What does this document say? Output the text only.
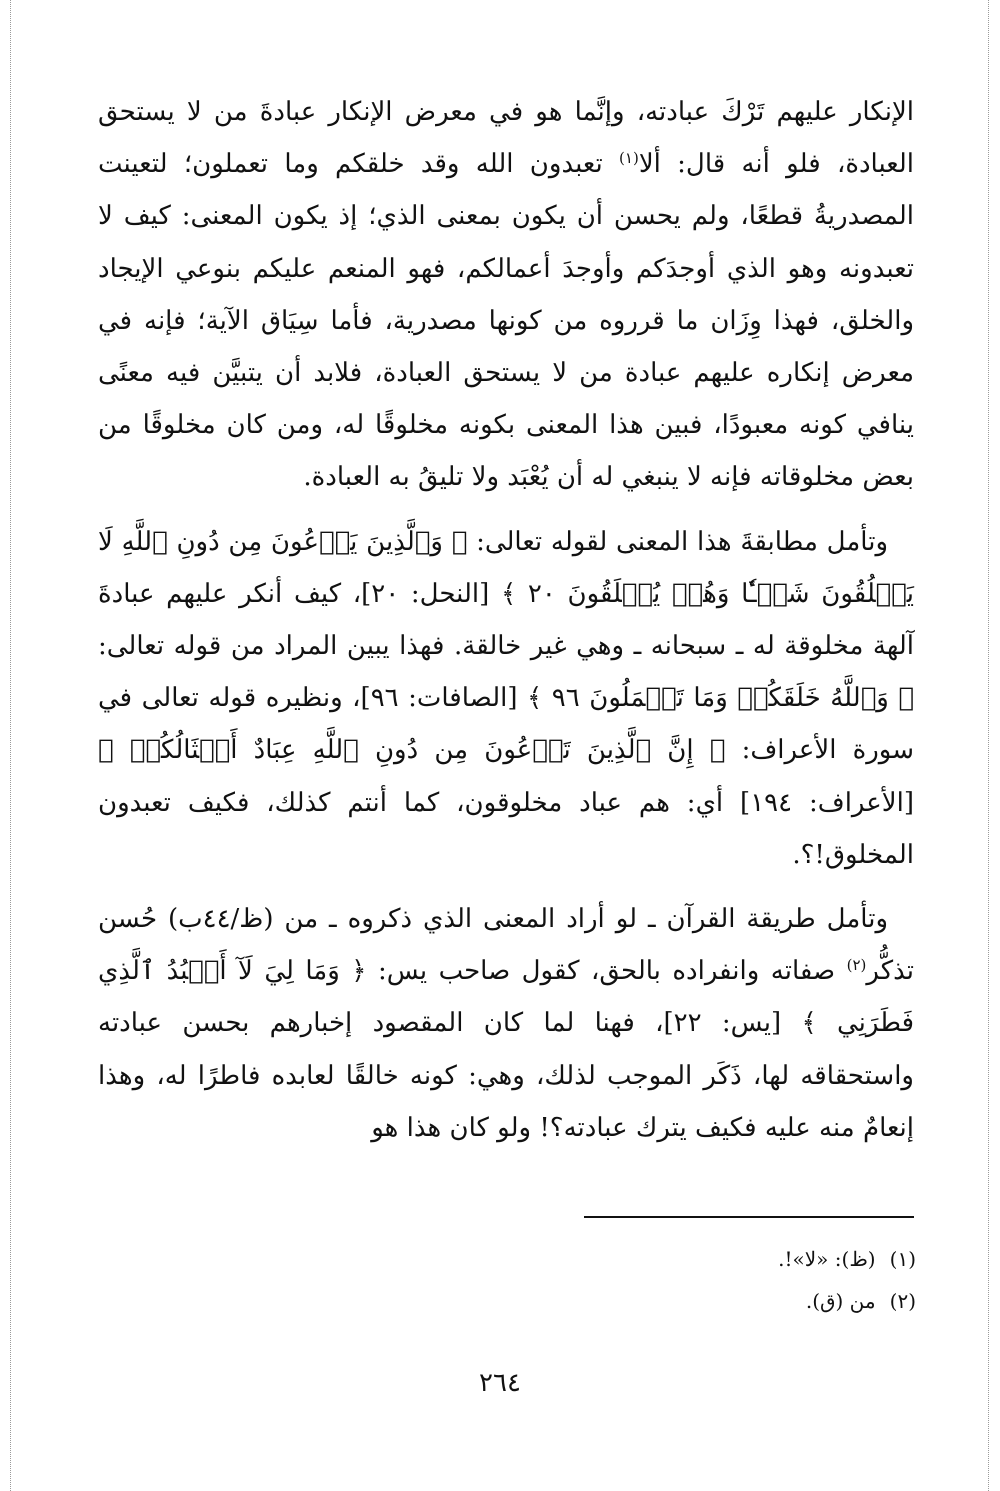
الإنكار عليهم تَرْكَ عبادته، وإنَّما هو في معرض الإنكار عبادةَ من لا يستحق العبادة، فلو أنه قال: ألا$^{(١)}$ تعبدون الله وقد خلقكم وما تعملون؛ لتعينت المصدريةُ قطعًا، ولم يحسن أن يكون بمعنى الذي؛ إذ يكون المعنى: كيف لا تعبدونه وهو الذي أوجدَكم وأوجدَ أعمالكم، فهو المنعم عليكم بنوعي الإيجاد والخلق، فهذا وِزَان ما قرروه من كونها مصدرية، فأما سِيَاق الآية؛ فإنه في معرض إنكاره عليهم عبادة من لا يستحق العبادة، فلابد أن يتبيَّن فيه معنًى ينافي كونه معبودًا، فبين هذا المعنى بكونه مخلوقًا له، ومن كان مخلوقًا من بعض مخلوقاته فإنه لا ينبغي له أن يُعْبَد ولا تليقُ به العبادة.

وتأمل مطابقةَ هذا المعنى لقوله تعالى: ﴿ وَٱلَّذِينَ يَدۡعُونَ مِن دُونِ ٱللَّهِ لَا يَخۡلُقُونَ شَيۡـٔٗا وَهُمۡ يُخۡلَقُونَ ٢٠ ﴾ [النحل: ٢٠]، كيف أنكر عليهم عبادةَ آلهة مخلوقة له ـ سبحانه ـ وهي غير خالقة. فهذا يبين المراد من قوله تعالى: ﴿ وَٱللَّهُ خَلَقَكُمۡ وَمَا تَعۡمَلُونَ ٩٦ ﴾ [الصافات: ٩٦]، ونظيره قوله تعالى في سورة الأعراف: ﴿ إِنَّ ٱلَّذِينَ تَدۡعُونَ مِن دُونِ ٱللَّهِ عِبَادٌ أَمۡثَالُكُمۡ ﴾ [الأعراف: ١٩٤] أي: هم عباد مخلوقون، كما أنتم كذلك، فكيف تعبدون المخلوق!؟.

وتأمل طريقة القرآن ـ لو أراد المعنى الذي ذكروه ـ من (ظ/٤٤ب) حُسن تذكُّر$^{(٢)}$ صفاته وانفراده بالحق، كقول صاحب يس: ﴿ وَمَا لِيَ لَآ أَعۡبُدُ ٱلَّذِي فَطَرَنِي ﴾ [يس: ٢٢]، فهنا لما كان المقصود إخبارهم بحسن عبادته واستحقاقه لها، ذَكَر الموجب لذلك، وهي: كونه خالقًا لعابده فاطرًا له، وهذا إنعامٌ منه عليه فكيف يترك عبادته؟! ولو كان هذا هو

(١)(ظ): «لا»!.
(٢)من (ق).
٢٦٤
